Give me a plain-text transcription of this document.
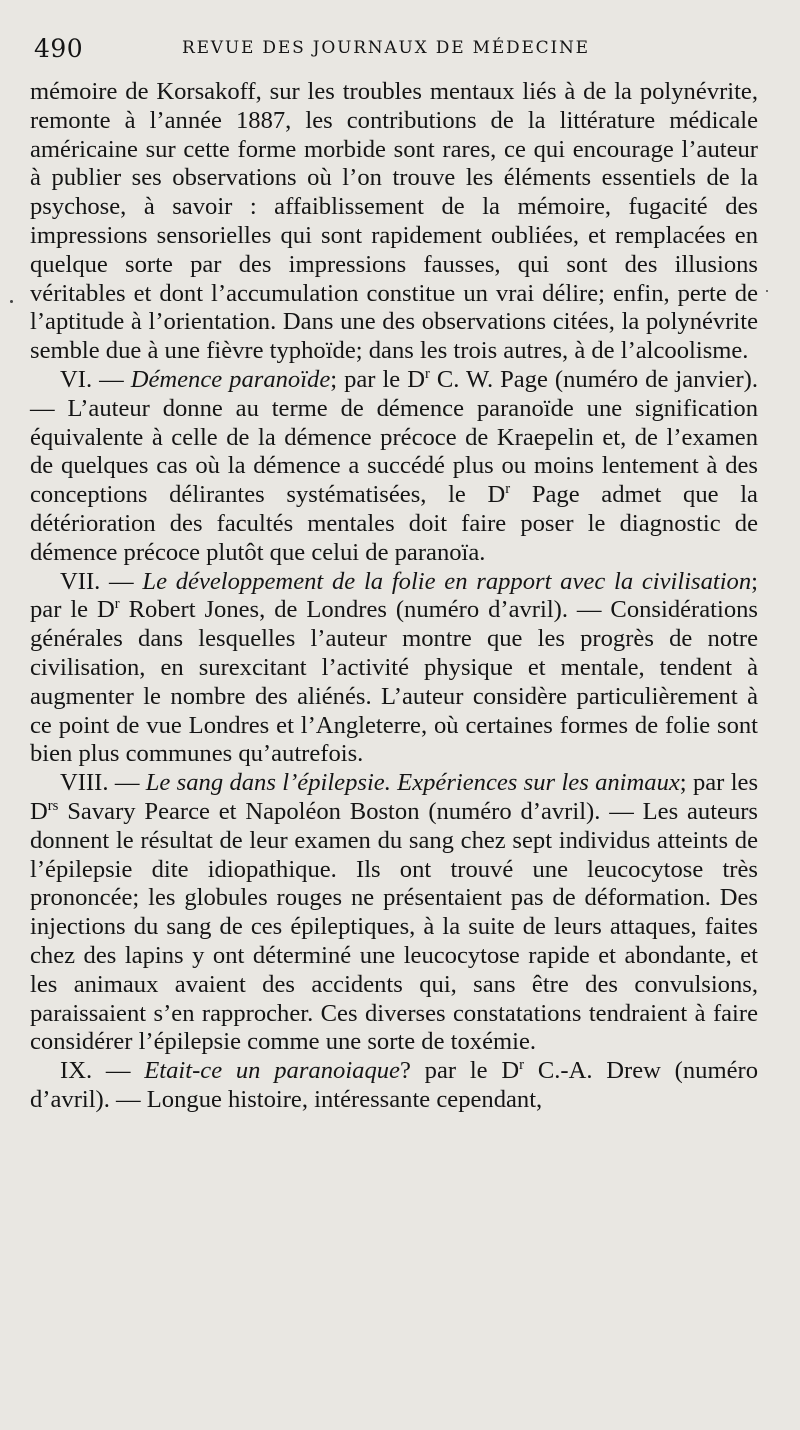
490	REVUE DES JOURNAUX DE MÉDECINE

mémoire de Korsakoff, sur les troubles mentaux liés à de la polynévrite, remonte à l’année 1887, les contributions de la littérature médicale américaine sur cette forme morbide sont rares, ce qui encourage l’auteur à publier ses observations où l’on trouve les éléments essentiels de la psychose, à savoir : affaiblissement de la mémoire, fugacité des impressions sensorielles qui sont rapidement oubliées, et remplacées en quelque sorte par des impressions fausses, qui sont des illusions véritables et dont l’accumulation constitue un vrai délire; enfin, perte de l’aptitude à l’orientation. Dans une des observations citées, la polynévrite semble due à une fièvre typhoïde; dans les trois autres, à de l’alcoolisme.

VI. — Démence paranoïde; par le $D^r$ C. W. Page (numéro de janvier). — L’auteur donne au terme de démence paranoïde une signification équivalente à celle de la démence précoce de Kraepelin et, de l’examen de quelques cas où la démence a succédé plus ou moins lentement à des conceptions délirantes systématisées, le $D^r$ Page admet que la détérioration des facultés mentales doit faire poser le diagnostic de démence précoce plutôt que celui de paranoïa.

VII. — Le développement de la folie en rapport avec la civilisation; par le $D^r$ Robert Jones, de Londres (numéro d’avril). — Considérations générales dans lesquelles l’auteur montre que les progrès de notre civilisation, en surexcitant l’activité physique et mentale, tendent à augmenter le nombre des aliénés. L’auteur considère particulièrement à ce point de vue Londres et l’Angleterre, où certaines formes de folie sont bien plus communes qu’autrefois.

VIII. — Le sang dans l’épilepsie. Expériences sur les animaux; par les $D^{rs}$ Savary Pearce et Napoléon Boston (numéro d’avril). — Les auteurs donnent le résultat de leur examen du sang chez sept individus atteints de l’épilepsie dite idiopathique. Ils ont trouvé une leucocytose très prononcée; les globules rouges ne présentaient pas de déformation. Des injections du sang de ces épileptiques, à la suite de leurs attaques, faites chez des lapins y ont déterminé une leucocytose rapide et abondante, et les animaux avaient des accidents qui, sans être des convulsions, paraissaient s’en rapprocher. Ces diverses constatations tendraient à faire considérer l’épilepsie comme une sorte de toxémie.

IX. — Etait-ce un paranoiaque? par le $D^r$ C.-A. Drew (numéro d’avril). — Longue histoire, intéressante cependant,
